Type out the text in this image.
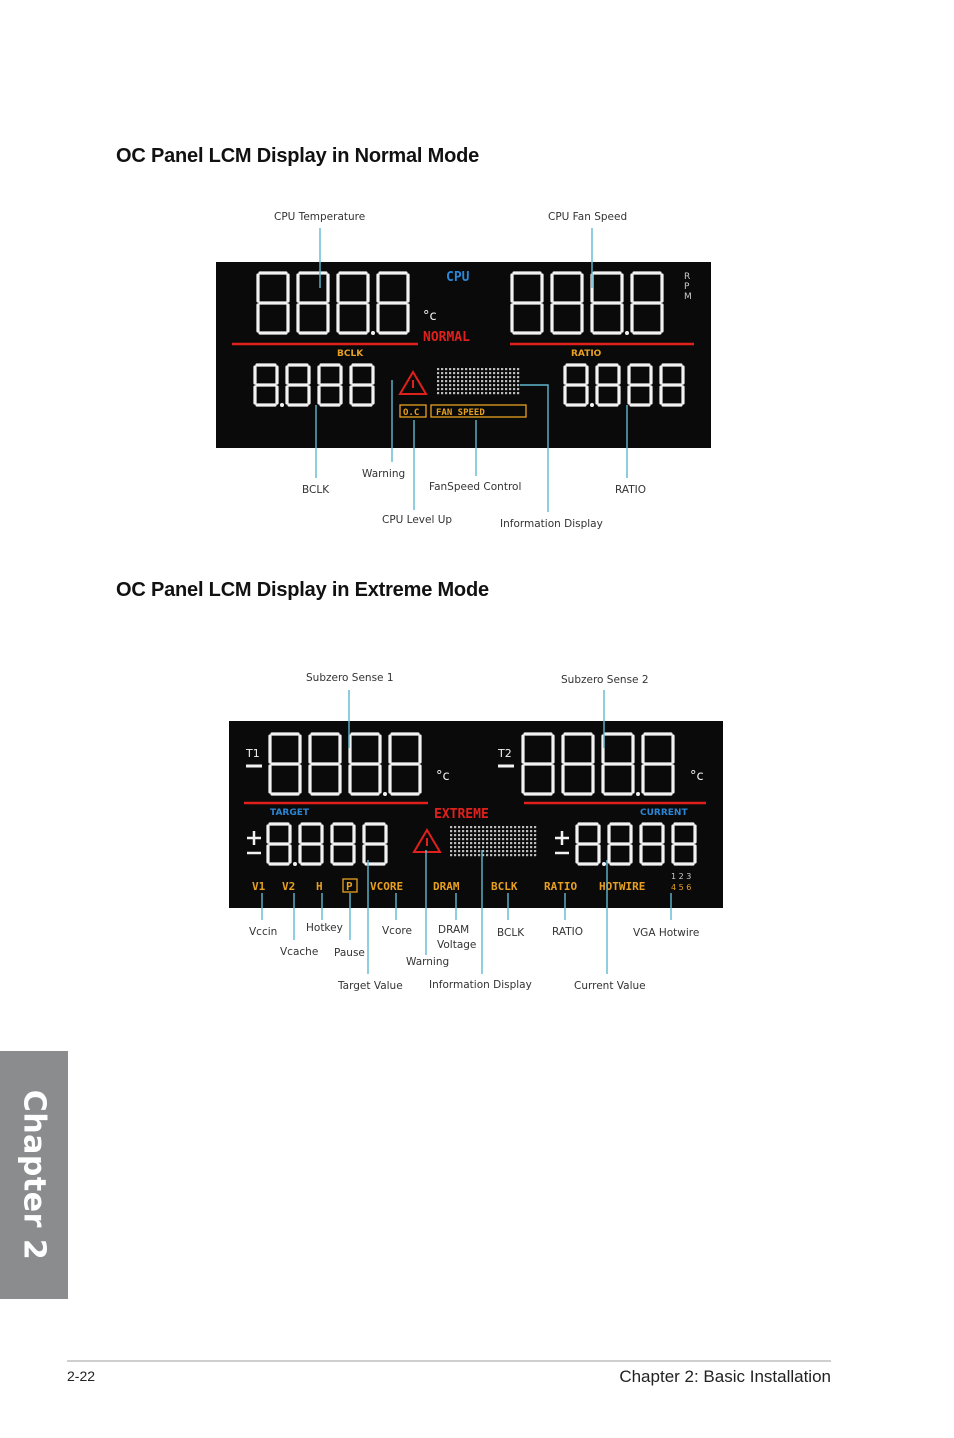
OC Panel LCM Display in Normal Mode
OC Panel LCM Display in Extreme Mode
CPU Temperature	CPU Fan Speed
°c
CPU	R
P
M
NORMAL
BCLK	RATIO
O.C FAN SPEED
BCLK
Warning
FanSpeed Control	RATIO
CPU Level Up	Information Display
Subzero Sense 1	Subzero Sense 2
T1	T2
°c	°c
EXTREME
TARGET	CURRENT
V1 V2 H P VCORE	DRAM	BCLK RATIO HOTWIRE
1 2 3
4 5 6
Vccin
Vcache
Hotkey
Pause
Vcore DRAM
Voltage
Warning
BCLK	RATIO	VGA Hotwire
Target Value	Information Display	Current Value
Chapter 2
2-22	Chapter 2: Basic Installation
